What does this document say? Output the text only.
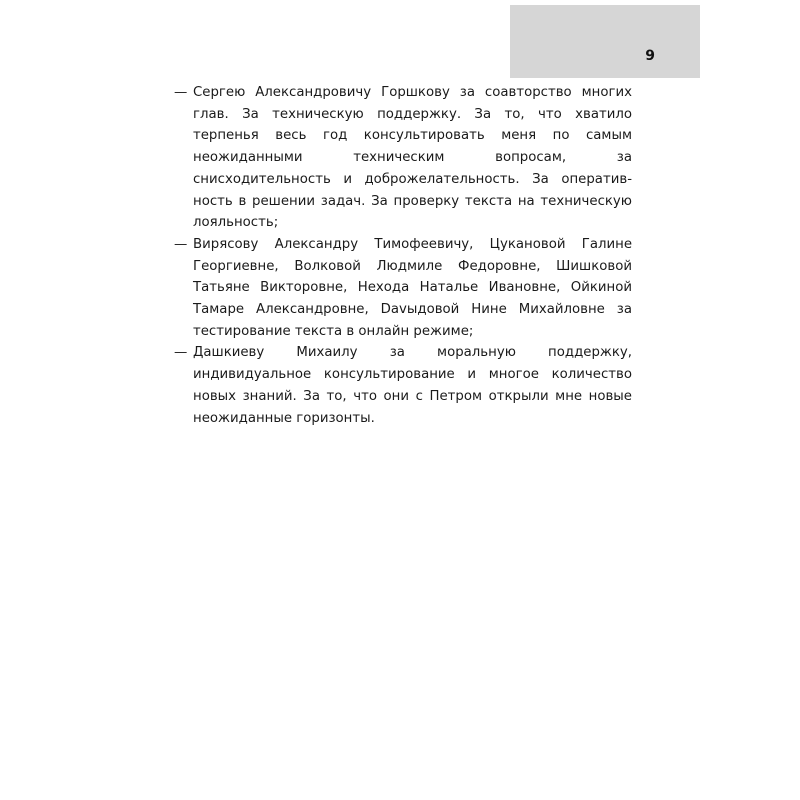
9
— Сергею Александровичу Горшкову за соавторство многих глав. За техническую поддержку. За то, что хватило терпенья весь год консультировать меня по самым неожиданными техническим вопросам, за снисходительность и доброжелательность. За оперативность в решении задач. За проверку текста на техническую лояльность;
— Вирясову Александру Тимофеевичу, Цукановой Галине Георгиевне, Волковой Людмиле Федоровне, Шишковой Татьяне Викторовне, Нехода Наталье Ивановне, Ойкиной Тамаре Александровне, Davыдовой Нине Михайловне за тестирование текста в онлайн режиме;
— Дашкиеву Михаилу за моральную поддержку, индивидуальное консультирование и многое количество новых знаний. За то, что они с Петром открыли мне новые неожиданные горизонты.
